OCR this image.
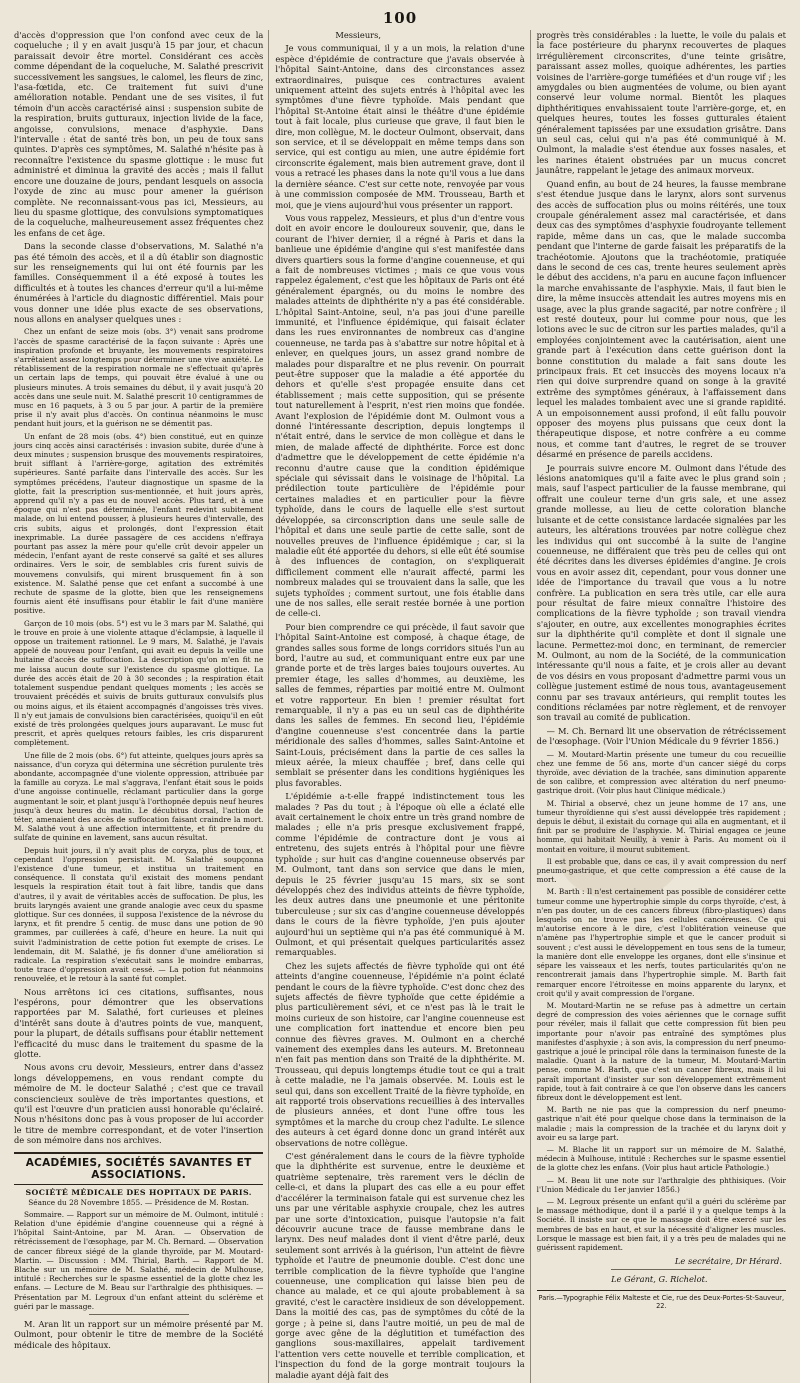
100

d'accès d'oppression que l'on confond avec ceux de la coqueluche ; il y en avait jusqu'à 15 par jour, et chacun paraissait devoir être mortel. Considérant ces accès comme dépendant de la coqueluche, M. Salathé prescrivit successivement les sangsues, le calomel, les fleurs de zinc, l'asa-fœtida, etc. Ce traitement fut suivi d'une amélioration notable. Pendant une de ses visites, il fut témoin d'un accès caractérisé ainsi : suspension subite de la respiration, bruits gutturaux, injection livide de la face, angoisse, convulsions, menace d'asphyxie. Dans l'intervalle : état de santé très bon, un peu de toux sans quintes. D'après ces symptômes, M. Salathé n'hésite pas à reconnaître l'existence du spasme glottique : le musc fut administré et diminua la gravité des accès ; mais il fallut encore une douzaine de jours, pendant lesquels on associa l'oxyde de zinc au musc pour amener la guérison complète. Ne reconnaissant-vous pas ici, Messieurs, au lieu du spasme glottique, des convulsions symptomatiques de la coqueluche, malheureusement assez fréquentes chez les enfans de cet âge.

Dans la seconde classe d'observations, M. Salathé n'a pas été témoin des accès, et il a dû établir son diagnostic sur les renseignements qui lui ont été fournis par les familles. Conséquemment il a été exposé à toutes les difficultés et à toutes les chances d'erreur qu'il a lui-même énumérées à l'article du diagnostic différentiel. Mais pour vous donner une idée plus exacte de ses observations, nous allons en analyser quelques unes :

Chez un enfant de seize mois (obs. 3°) venait sans prodrome l'accès de spasme caractérisé de la façon suivante : Après une inspiration profonde et bruyante, les mouvements respiratoires s'arrêtaient assez longtemps pour déterminer une vive anxiété. Le rétablissement de la respiration normale ne s'effectuait qu'après un certain laps de temps, qui pouvait être évalué à une ou plusieurs minutes. A trois semaines du début, il y avait jusqu'à 20 accès dans une seule nuit. M. Salathé prescrit 10 centigrammes de musc en 16 paquets, à 3 ou 5 par jour. A partir de la première prise il n'y avait plus d'accès. On continua néanmoins le musc pendant huit jours, et la guérison ne se démentit pas.

Un enfant de 28 mois (obs. 4°) bien constitué, eut en quinze jours cinq accès ainsi caractérisés : invasion subite, durée d'une à deux minutes ; suspension brusque des mouvements respiratoires, bruit sifflant à l'arrière-gorge, agitation des extrémités supérieures. Santé parfaite dans l'intervalle des accès. Sur les symptômes précédens, l'auteur diagnostique un spasme de la glotte, fait la prescription sus-mentionnée, et huit jours après, apprend qu'il n'y a pas eu de nouvel accès. Plus tard, et à une époque qui n'est pas déterminée, l'enfant redevint subitement malade, on lui entend pousser, à plusieurs heures d'intervalle, des cris subits, aigus et prolongés, dont l'expression était inexprimable. La durée passagère de ces accidens n'effraya pourtant pas assez la mère pour qu'elle crût devoir appeler un médecin, l'enfant ayant de reste conservé sa gaîté et ses allures ordinaires. Vers le soir, de semblables cris furent suivis de mouvemens convulsifs, qui mirent brusquement fin à son existence. M. Salathé pense que cet enfant a succombé à une rechute de spasme de la glotte, bien que les renseignemens fournis aient été insuffisans pour établir le fait d'une manière positive.

Garçon de 10 mois (obs. 5°) est vu le 3 mars par M. Salathé, qui le trouve en proie à une violente attaque d'éclampsie, à laquelle il oppose un traitement rationnel. Le 9 mars, M. Salathé, je l'avais appelé de nouveau pour l'enfant, qui avait eu depuis la veille une huitaine d'accès de suffocation. La description qu'on m'en fit ne me laissa aucun doute sur l'existence du spasme glottique. La durée des accès était de 20 à 30 secondes ; la respiration était totalement suspendue pendant quelques moments ; les accès se trouvaient précédés et suivis de bruits gutturaux convulsifs plus ou moins aigus, et ils étaient accompagnés d'angoisses très vives. Il n'y eut jamais de convulsions bien caractérisées, quoiqu'il en eût existé de très prolongées quelques jours auparavant. Le musc fut prescrit, et après quelques retours faibles, les cris disparurent complètement.

Une fille de 2 mois (obs. 6°) fut atteinte, quelques jours après sa naissance, d'un coryza qui détermina une sécrétion purulente très abondante, accompagnée d'une violente oppression, attribuée par la famille au coryza. Le mal s'aggrava, l'enfant était sous le poids d'une angoisse continuelle, réclamant particulier dans la gorge augmentant le soir, et plant jusqu'à l'orthopnée depuis neuf heures jusqu'à deux heures du matin. Le décubitus dorsal, l'action de téter, amenaient des accès de suffocation faisant craindre la mort. M. Salathé vout à une affection intermittente, et fit prendre du sulfate de quinine en lavement, sans aucun résultat.

Depuis huit jours, il n'y avait plus de coryza, plus de toux, et cependant l'oppression persistait. M. Salathé soupçonna l'existence d'une tumeur, et institua un traitement en conséquence. Il constata qu'il existait des momens pendant lesquels la respiration était tout à fait libre, tandis que dans d'autres, il y avait de véritables accès de suffocation. De plus, les bruits laryngés avaient une grande analogie avec ceux du spasme glottique. Sur ces données, il supposa l'existence de la névrose du larynx, et fit prendre 5 centig. de musc dans une potion de 90 grammes, par cuillerées à café, d'heure en heure. La nuit qui suivit l'administration de cette potion fut exempte de crises. Le lendemain, dit M. Salathé, je fis donner d'une amélioration si radicale. La respiration s'exécutait sans le moindre embarras, toute trace d'oppression avait cessé. — La potion fut néanmoins renouvelée, et le retour à la santé fut complet.

Nous arrêtons ici ces citations, suffisantes, nous l'espérons, pour démontrer que les observations rapportées par M. Salathé, fort curieuses et pleines d'intérêt sans doute à d'autres points de vue, manquent, pour la plupart, de détails suffisans pour établir nettement l'efficacité du musc dans le traitement du spasme de la glotte.

Nous avons cru devoir, Messieurs, entrer dans d'assez longs développemens, en vous rendant compte du mémoire de M. le docteur Salathé ; c'est que ce travail consciencieux soulève de très importantes questions, et qu'il est l'œuvre d'un praticien aussi honorable qu'éclairé. Nous n'hésitons donc pas à vous proposer de lui accorder le titre de membre correspondant, et de voter l'insertion de son mémoire dans nos archives.

ACADÉMIES, SOCIÉTÉS SAVANTES ET ASSOCIATIONS.
SOCIÉTÉ MÉDICALE DES HOPITAUX DE PARIS.
Séance du 28 Novembre 1855. — Présidence de M. Rostan.

Sommaire. — Rapport sur un mémoire de M. Oulmont, intitulé : Relation d'une épidémie d'angine couenneuse qui a régné à l'hôpital Saint-Antoine, par M. Aran. — Observation de rétrécissement de l'œsophage, par M. Ch. Bernard. — Observation de cancer fibreux siégé de la glande thyroïde, par M. Moutard-Martin. — Discussion : MM. Thirial, Barth. — Rapport de M. Blache sur un mémoire de M. Salathé, médecin de Mulhouse, intitulé : Recherches sur le spasme essentiel de la glotte chez les enfans. — Lecture de M. Beau sur l'arthralgie des phthisiques. — Présentation par M. Legroux d'un enfant atteint du sclérème et guéri par le massage.

M. Aran lit un rapport sur un mémoire présenté par M. Oulmont, pour obtenir le titre de membre de la Société médicale des hôpitaux.

Messieurs,

Je vous communiquai, il y a un mois, la relation d'une espèce d'épidémie de contracture que j'avais observée à l'hôpital Saint-Antoine, dans des circonstances assez extraordinaires, puisque ces contractures avaient uniquement atteint des sujets entrés à l'hôpital avec les symptômes d'une fièvre typhoïde. Mais pendant que l'hôpital St-Antoine était ainsi le théâtre d'une épidémie tout à fait locale, plus curieuse que grave, il faut bien le dire, mon collègue, M. le docteur Oulmont, observait, dans son service, et il se développait en même temps dans son service, qui est contigu au mien, une autre épidémie fort circonscrite également, mais bien autrement grave, dont il vous a retracé les phases dans la note qu'il vous a lue dans la dernière séance. C'est sur cette note, renvoyée par vous à une commission composée de MM. Trousseau, Barth et moi, que je viens aujourd'hui vous présenter un rapport.

Vous vous rappelez, Messieurs, et plus d'un d'entre vous doit en avoir encore le douloureux souvenir, que, dans le courant de l'hiver dernier, il a régné à Paris et dans la banlieue une épidémie d'angine qui s'est manifestée dans divers quartiers sous la forme d'angine couenneuse, et qui a fait de nombreuses victimes ; mais ce que vous vous rappelez également, c'est que les hôpitaux de Paris ont été généralement épargnés, ou du moins le nombre des malades atteints de diphthérite n'y a pas été considérable. L'hôpital Saint-Antoine, seul, n'a pas joui d'une pareille immunité, et l'influence épidémique, qui faisait éclater dans les rues environnantes de nombreux cas d'angine couenneuse, ne tarda pas à s'abattre sur notre hôpital et à enlever, en quelques jours, un assez grand nombre de malades pour disparaître et ne plus revenir. On pourrait peut-être supposer que la maladie a été apportée du dehors et qu'elle s'est propagée ensuite dans cet établissement ; mais cette supposition, qui se présente tout naturellement à l'esprit, n'est rien moins que fondée. Avant l'explosion de l'épidémie dont M. Oulmont vous a donné l'intéressante description, depuis longtemps il n'était entré, dans le service de mon collègue et dans le mien, de malade affecté de diphthérite. Force est donc d'admettre que le développement de cette épidémie n'a reconnu d'autre cause que la condition épidémique spéciale qui sévissait dans le voisinage de l'hôpital. La prédilection toute particulière de l'épidémie pour certaines maladies et en particulier pour la fièvre typhoïde, dans le cours de laquelle elle s'est surtout développée, sa circonscription dans une seule salle de l'hôpital et dans une seule partie de cette salle, sont de nouvelles preuves de l'influence épidémique ; car, si la maladie eût été apportée du dehors, si elle eût été soumise à des influences de contagion, on s'expliquerait difficilement comment elle n'aurait affecté, parmi les nombreux malades qui se trouvaient dans la salle, que les sujets typhoïdes ; comment surtout, une fois établie dans une de nos salles, elle serait restée bornée à une portion de celle-ci.

Pour bien comprendre ce qui précède, il faut savoir que l'hôpital Saint-Antoine est composé, à chaque étage, de grandes salles sous forme de longs corridors situés l'un au bord, l'autre au sud, et communiquant entre eux par une grande porte et de très larges baies toujours ouvertes. Au premier étage, les salles d'hommes, au deuxième, les salles de femmes, réparties par moitié entre M. Oulmont et votre rapporteur. En bien ! premier résultat fort remarquable, il n'y a pas eu un seul cas de diphthérite dans les salles de femmes. En second lieu, l'épidémie d'angine couenneuse s'est concentrée dans la partie méridionale des salles d'hommes, salles Saint-Antoine et Saint-Louis, précisément dans la partie de ces salles la mieux aérée, la mieux chauffée ; bref, dans celle qui semblait se présenter dans les conditions hygiéniques les plus favorables.

L'épidémie a-t-elle frappé indistinctement tous les malades ? Pas du tout ; à l'époque où elle a éclaté elle avait certainement le choix entre un très grand nombre de malades ; elle n'a pris presque exclusivement frappé, comme l'épidémie de contracture dont je vous ai entretenu, des sujets entrés à l'hôpital pour une fièvre typhoïde ; sur huit cas d'angine couenneuse observés par M. Oulmont, tant dans son service que dans le mien, depuis le 25 février jusqu'au 15 mars, six se sont développés chez des individus atteints de fièvre typhoïde, les deux autres dans une pneumonie et une péritonite tuberculeuse ; sur six cas d'angine couenneuse développés dans le cours de la fièvre typhoïde, j'en puis ajouter aujourd'hui un septième qui n'a pas été communiqué à M. Oulmont, et qui présentait quelques particularités assez remarquables.

Chez les sujets affectés de fièvre typhoïde qui ont été atteints d'angine couenneuse, l'épidémie n'a point éclaté pendant le cours de la fièvre typhoïde. C'est donc chez des sujets affectés de fièvre typhoïde que cette épidémie a plus particulièrement sévi, et ce n'est pas là le trait le moins curieux de son histoire, car l'angine couenneuse est une complication fort inattendue et encore bien peu connue des fièvres graves. M. Oulmont en a cherché vainement des exemples dans les auteurs. M. Bretonneau n'en fait pas mention dans son Traité de la diphthérite. M. Trousseau, qui depuis longtemps étudie tout ce qui a trait à cette maladie, ne l'a jamais observée. M. Louis est le seul qui, dans son excellent Traité de la fièvre typhoïde, en ait rapporté trois observations recueillies à des intervalles de plusieurs années, et dont l'une offre tous les symptômes et la marche du croup chez l'adulte. Le silence des auteurs à cet égard donne donc un grand intérêt aux observations de notre collègue.

C'est généralement dans le cours de la fièvre typhoïde que la diphthérite est survenue, entre le deuxième et quatrième septenaire, très rarement vers le déclin de celle-ci, et dans la plupart des cas elle a eu pour effet d'accélérer la terminaison fatale qui est survenue chez les uns par une véritable asphyxie croupale, chez les autres par une sorte d'intoxication, puisque l'autopsie n'a fait découvrir aucune trace de fausse membrane dans le larynx. Des neuf malades dont il vient d'être parlé, deux seulement sont arrivés à la guérison, l'un atteint de fièvre typhoïde et l'autre de pneumonie double. C'est donc une terrible complication de la fièvre typhoïde que l'angine couenneuse, une complication qui laisse bien peu de chance au malade, et ce qui ajoute probablement à sa gravité, c'est le caractère insidieux de son développement. Dans la moitié des cas, pas de symptômes du côté de la gorge ; à peine si, dans l'autre moitié, un peu de mal de gorge avec gêne de la déglutition et tuméfaction des ganglions sous-maxillaires, appelait tardivement l'attention vers cette nouvelle et terrible complication, et l'inspection du fond de la gorge montrait toujours la maladie ayant déjà fait des

progrès très considérables : la luette, le voile du palais et la face postérieure du pharynx recouvertes de plaques irrégulièrement circonscrites, d'une teinte grisâtre, paraissant assez molles, quoique adhérentes, les parties voisines de l'arrière-gorge tuméfiées et d'un rouge vif ; les amygdales ou bien augmentées de volume, ou bien ayant conservé leur volume normal. Bientôt les plaques diphthéritiques envahissaient toute l'arrière-gorge, et, en quelques heures, toutes les fosses gutturales étaient généralement tapissées par une exsudation grisâtre. Dans un seul cas, celui qui n'a pas été communiqué à M. Oulmont, la maladie s'est étendue aux fosses nasales, et les narines étaient obstruées par un mucus concret jaunâtre, rappelant le jetage des animaux morveux.

Quand enfin, au bout de 24 heures, la fausse membrane s'est étendue jusque dans le larynx, alors sont survenus des accès de suffocation plus ou moins réitérés, une toux croupale généralement assez mal caractérisée, et dans deux cas des symptômes d'asphyxie foudroyante tellement rapide, même dans un cas, que le malade succomba pendant que l'interne de garde faisait les préparatifs de la trachéotomie. Ajoutons que la trachéotomie, pratiquée dans le second de ces cas, trente heures seulement après le début des accidens, n'a paru en aucune façon influencer la marche envahissante de l'asphyxie. Mais, il faut bien le dire, la même insuccès attendait les autres moyens mis en usage, avec la plus grande sagacité, par notre confrère ; il est resté douteux, pour lui comme pour nous, que les lotions avec le suc de citron sur les parties malades, qu'il a employées conjointement avec la cautérisation, aient une grande part à l'exécution dans cette guérison dont la bonne constitution du malade a fait sans doute les principaux frais. Et cet insuccès des moyens locaux n'a rien qui doive surprendre quand on songe à la gravité extrême des symptômes généraux, à l'affaissement dans lequel les malades tombaient avec une si grande rapidité. A un empoisonnement aussi profond, il eût fallu pouvoir opposer des moyens plus puissans que ceux dont la thérapeutique dispose, et notre confrère a eu comme nous, et comme tant d'autres, le regret de se trouver désarmé en présence de pareils accidens.

Je pourrais suivre encore M. Oulmont dans l'étude des lésions anatomiques qu'il a faite avec le plus grand soin ; mais, sauf l'aspect particulier de la fausse membrane, qui offrait une couleur terne d'un gris sale, et une assez grande mollesse, au lieu de cette coloration blanche luisante et de cette consistance lardacée signalées par les auteurs, les altérations trouvées par notre collègue chez les individus qui ont succombé à la suite de l'angine couenneuse, ne différaient que très peu de celles qui ont été décrites dans les diverses épidémies d'angine. Je crois vous en avoir assez dit, cependant, pour vous donner une idée de l'importance du travail que vous a lu notre confrère. La publication en sera très utile, car elle aura pour résultat de faire mieux connaître l'histoire des complications de la fièvre typhoïde ; son travail viendra s'ajouter, en outre, aux excellentes monographies écrites sur la diphthérite qu'il complète et dont il signale une lacune. Permettez-moi donc, en terminant, de remercier M. Oulmont, au nom de la Société, de la communication intéressante qu'il nous a faite, et je crois aller au devant de vos désirs en vous proposant d'admettre parmi vous un collègue justement estimé de nous tous, avantageusement connu par ses travaux antérieurs, qui remplit toutes les conditions réclamées par notre règlement, et de renvoyer son travail au comité de publication.

— M. Ch. Bernard lit une observation de rétrécissement de l'œsophage. (Voir l'Union Médicale du 9 février 1856.)

— M. Moutard-Martin présente une tumeur du cou recueillie chez une femme de 56 ans, morte d'un cancer siégé du corps thyroïde, avec déviation de la trachée, sans diminution apparente de son calibre, et compression avec altération du nerf pneumo-gastrique droit. (Voir plus haut Clinique médicale.)

M. Thirial a observé, chez un jeune homme de 17 ans, une tumeur thyroïdienne qui s'est aussi développée très rapidement ; depuis le début, il existait du cornage qui alla en augmentant, et il finit par se produire de l'asphyxie. M. Thirial engagea ce jeune homme, qui habitait Neuilly, à venir à Paris. Au moment où il montait en voiture, il mourut subitement.

Il est probable que, dans ce cas, il y avait compression du nerf pneumo-gastrique, et que cette compression a été cause de la mort.

M. Barth : Il n'est certainement pas possible de considérer cette tumeur comme une hypertrophie simple du corps thyroïde, c'est, à n'en pas douter, un de ces cancers fibreux (fibro-plastiques) dans lesquels on ne trouve pas les cellules cancéreuses. Ce qui m'autorise encore à le dire, c'est l'oblitération veineuse que n'amène pas l'hypertrophie simple et que le cancer produit si souvent ; c'est aussi le développement en tous sens de la tumeur, la manière dont elle enveloppe les organes, dont elle s'insinue et sépare les vaisseaux et les nerfs, toutes particularités qu'on ne rencontrerait jamais dans l'hypertrophie simple. M. Barth fait remarquer encore l'étroitesse en moins apparente du larynx, et croit qu'il y avait compression de l'organe.

M. Moutard-Martin ne se refuse pas à admettre un certain degré de compression des voies aériennes que le cornage suffit pour révéler, mais il fallait que cette compression fût bien peu importante pour n'avoir pas entraîné des symptômes plus manifestes d'asphyxie ; à son avis, la compression du nerf pneumo-gastrique a joué le principal rôle dans la terminaison funeste de la maladie. Quant à la nature de la tumeur, M. Moutard-Martin pense, comme M. Barth, que c'est un cancer fibreux, mais il lui paraît important d'insister sur son développement extrêmement rapide, tout à fait contraire à ce que l'on observe dans les cancers fibreux dont le développement est lent.

M. Barth ne nie pas que la compression du nerf pneumo-gastrique n'ait été pour quelque chose dans la terminaison de la maladie ; mais la compression de la trachée et du larynx doit y avoir eu sa large part.

— M. Blache lit un rapport sur un mémoire de M. Salathé, médecin à Mulhouse, intitulé : Recherches sur le spasme essentiel de la glotte chez les enfans. (Voir plus haut article Pathologie.)

— M. Beau lit une note sur l'arthralgie des phthisiques. (Voir l'Union Médicale du 1er janvier 1856.)

— M. Legroux présente un enfant qu'il a guéri du sclérème par le massage méthodique, dont il a parlé il y a quelque temps à la Société. Il insiste sur ce que le massage doit être exercé sur les membres de bas en haut, et sur la nécessité d'aligner les muscles. Lorsque le massage est bien fait, il y a très peu de malades qui ne guérissent rapidement.

Le secrétaire, Dr Hérard.
Le Gérant, G. Richelot.
Paris.—Typographie Félix Malteste et Cie, rue des Deux-Portes-St-Sauveur, 22.
